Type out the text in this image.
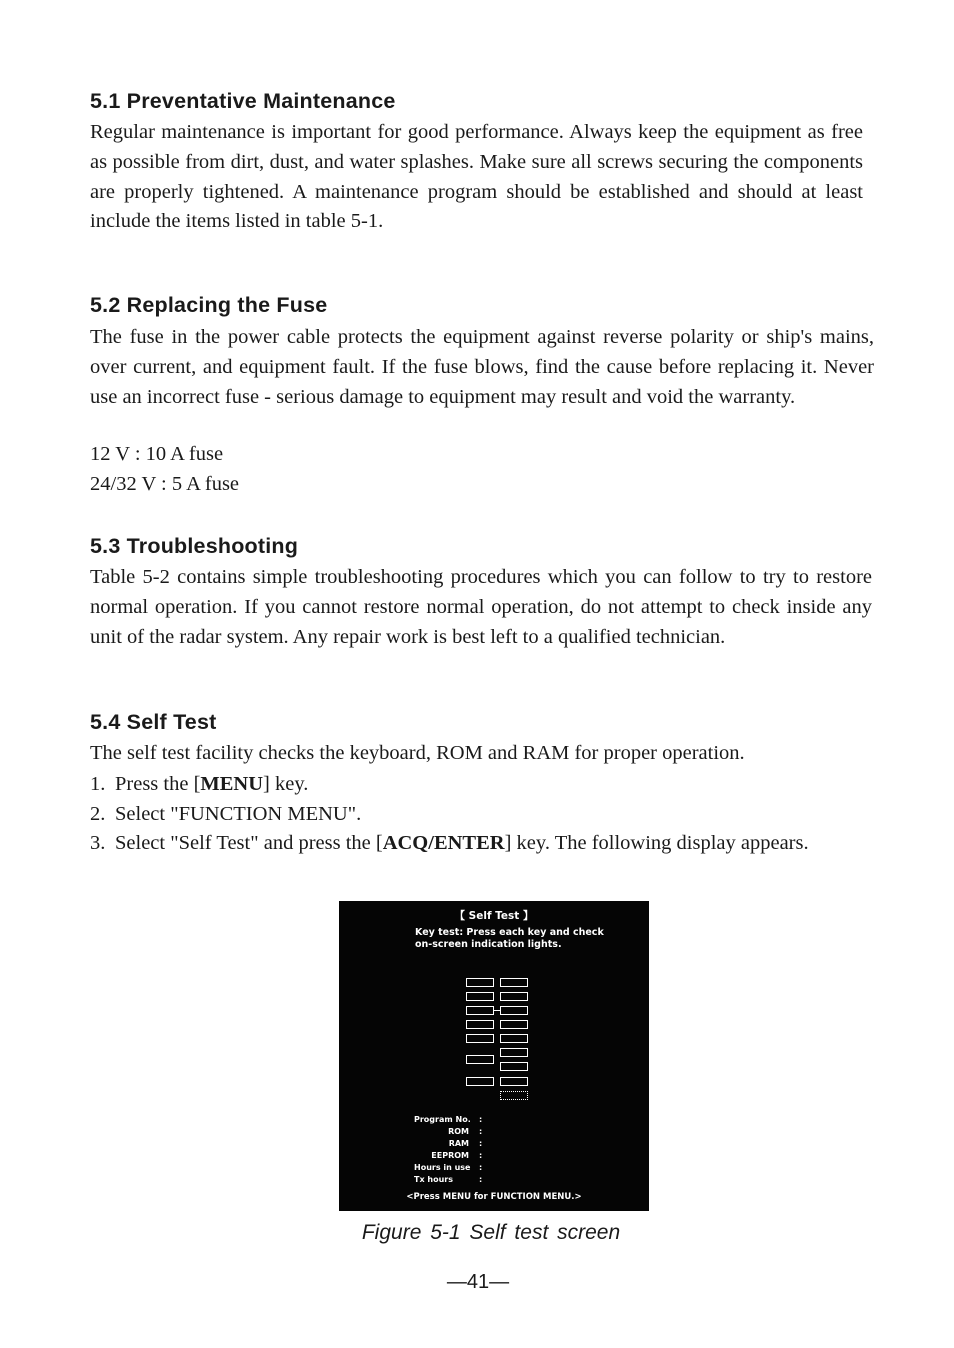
5.1 Preventative Maintenance

Regular maintenance is important for good performance. Always keep the equipment as free as possible from dirt, dust, and water splashes. Make sure all screws securing the components are properly tightened. A maintenance program should be established and should at least include the items listed in table 5-1.

5.2 Replacing the Fuse

The fuse in the power cable protects the equipment against reverse polarity or ship's mains, over current, and equipment fault. If the fuse blows, find the cause before replacing it. Never use an incorrect fuse - serious damage to equipment may result and void the warranty.

12 V : 10 A fuse
24/32 V : 5 A fuse
5.3 Troubleshooting

Table 5-2 contains simple troubleshooting procedures which you can follow to try to restore normal operation. If you cannot restore normal operation, do not attempt to check inside any unit of the radar system. Any repair work is best left to a qualified technician.

5.4 Self Test
The self test facility checks the keyboard, ROM and RAM for proper operation.
1. Press the [MENU] key.
2. Select "FUNCTION MENU".
3. Select "Self Test" and press the [ACQ/ENTER] key. The following display appears.
【 Self Test 】
Key test: Press each key and check on-screen indication lights.
Program No.	:
ROM :
RAM :
EEPROM :
Hours in use	:
Tx hours	:
<Press MENU for FUNCTION MENU.>
Figure 5-1 Self test screen
—41—
